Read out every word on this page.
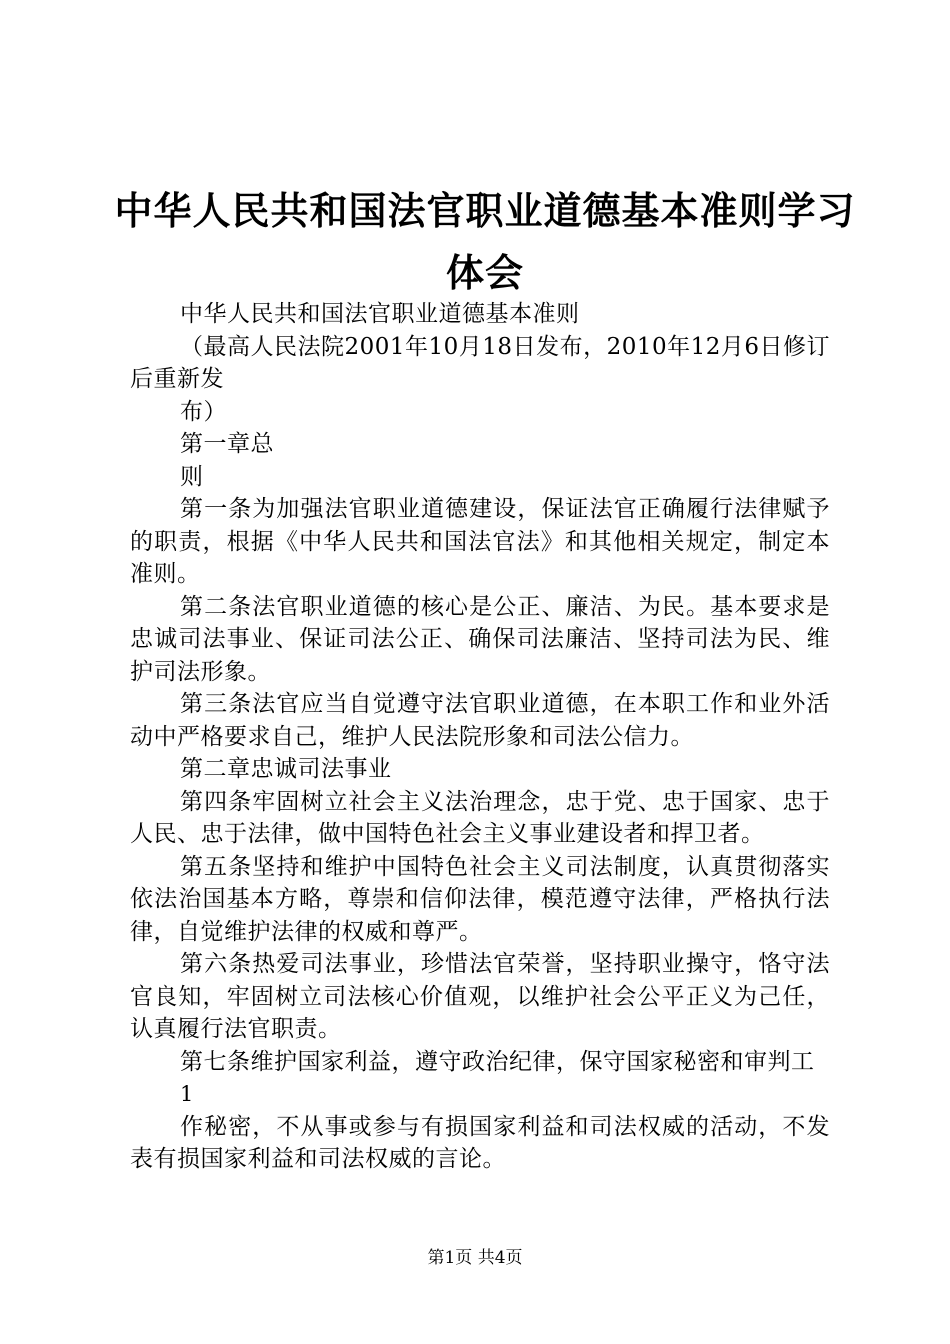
中华人民共和国法官职业道德基本准则学习体会

中华人民共和国法官职业道德基本准则

（最高人民法院2001年10月18日发布，2010年12月6日修订后重新发

布）

第一章总

则

第一条为加强法官职业道德建设，保证法官正确履行法律赋予的职责，根据《中华人民共和国法官法》和其他相关规定，制定本准则。

第二条法官职业道德的核心是公正、廉洁、为民。基本要求是忠诚司法事业、保证司法公正、确保司法廉洁、坚持司法为民、维护司法形象。

第三条法官应当自觉遵守法官职业道德，在本职工作和业外活动中严格要求自己，维护人民法院形象和司法公信力。

第二章忠诚司法事业

第四条牢固树立社会主义法治理念，忠于党、忠于国家、忠于人民、忠于法律，做中国特色社会主义事业建设者和捍卫者。

第五条坚持和维护中国特色社会主义司法制度，认真贯彻落实依法治国基本方略，尊崇和信仰法律，模范遵守法律，严格执行法律，自觉维护法律的权威和尊严。

第六条热爱司法事业，珍惜法官荣誉，坚持职业操守，恪守法官良知，牢固树立司法核心价值观，以维护社会公平正义为己任，认真履行法官职责。

第七条维护国家利益，遵守政治纪律，保守国家秘密和审判工

1

作秘密，不从事或参与有损国家利益和司法权威的活动，不发表有损国家利益和司法权威的言论。

第1页 共4页
